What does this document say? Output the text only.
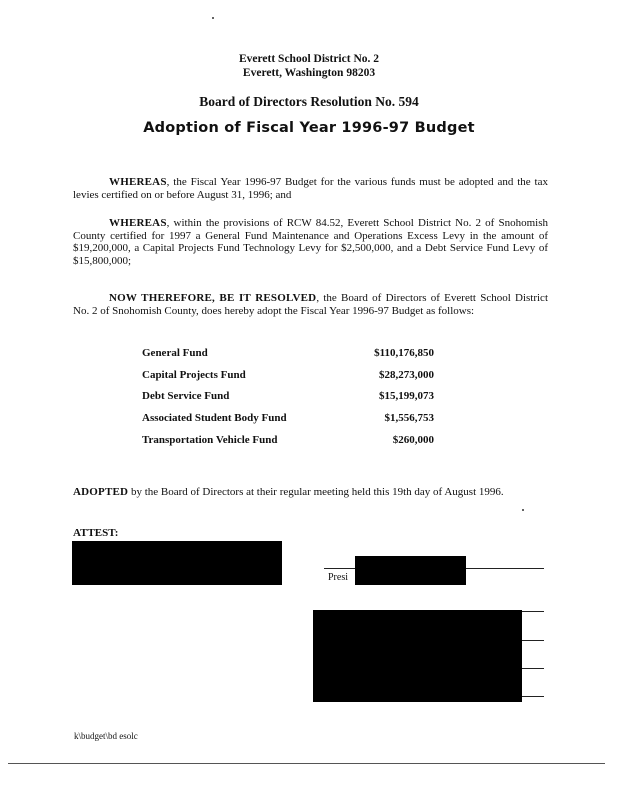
Everett School District No. 2
Everett, Washington 98203
Board of Directors Resolution No. 594
Adoption of Fiscal Year 1996-97 Budget
WHEREAS, the Fiscal Year 1996-97 Budget for the various funds must be adopted and the tax levies certified on or before August 31, 1996; and
WHEREAS, within the provisions of RCW 84.52, Everett School District No. 2 of Snohomish County certified for 1997 a General Fund Maintenance and Operations Excess Levy in the amount of $19,200,000, a Capital Projects Fund Technology Levy for $2,500,000, and a Debt Service Fund Levy of $15,800,000;
NOW THEREFORE, BE IT RESOLVED, the Board of Directors of Everett School District No. 2 of Snohomish County, does hereby adopt the Fiscal Year 1996-97 Budget as follows:
General Fund	$110,176,850
Capital Projects Fund	$28,273,000
Debt Service Fund	$15,199,073
Associated Student Body Fund	$1,556,753
Transportation Vehicle Fund	$260,000
ADOPTED by the Board of Directors at their regular meeting held this 19th day of August 1996.
ATTEST:
Presi
k\budget\bd esolc
